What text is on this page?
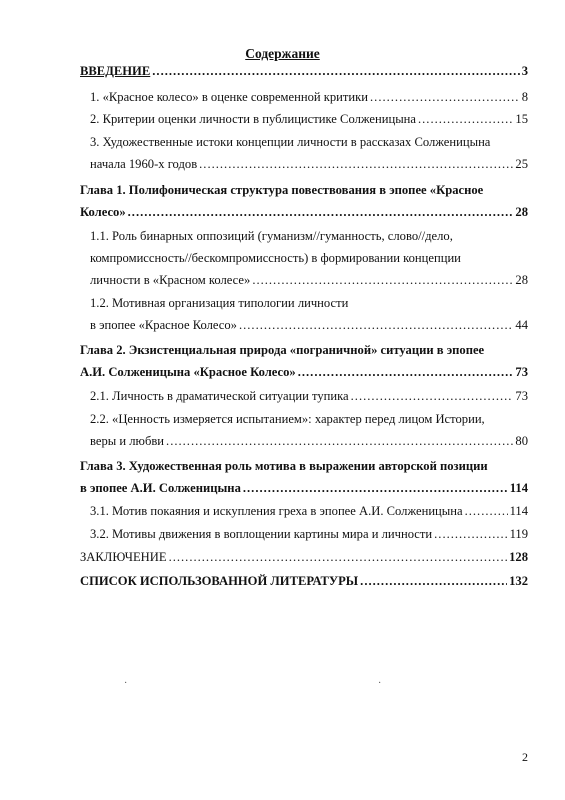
Содержание
ВВЕДЕНИЕ .....	3
1. «Красное колесо» в оценке современной критики .....	8
2. Критерии оценки личности в публицистике Солженицына .....	15
3. Художественные истоки концепции личности в рассказах Солженицына
начала 1960-х годов .....	25
Глава 1. Полифоническая структура повествования в эпопее «Красное
Колесо» .....	28
1.1. Роль бинарных оппозиций (гуманизм//гуманность, слово//дело,
компромиссность//бескомпромиссность) в формировании концепции
личности в «Красном колесе» .....	28
1.2. Мотивная организация типологии личности
в эпопее «Красное Колесо» .....	44
Глава 2. Экзистенциальная природа «пограничной» ситуации в эпопее
А.И. Солженицына «Красное Колесо» .....	73
2.1. Личность в драматической ситуации тупика .....	73
2.2. «Ценность измеряется испытанием»: характер перед лицом Истории,
веры и любви .....	80
Глава 3. Художественная роль мотива в выражении авторской позиции
в эпопее А.И. Солженицына .....	114
3.1. Мотив покаяния и искупления греха в эпопее А.И. Солженицына .....	114
3.2. Мотивы движения в воплощении картины мира и личности .....	119
ЗАКЛЮЧЕНИЕ .....	128
СПИСОК ИСПОЛЬЗОВАННОЙ ЛИТЕРАТУРЫ .....	132
·	·
2
